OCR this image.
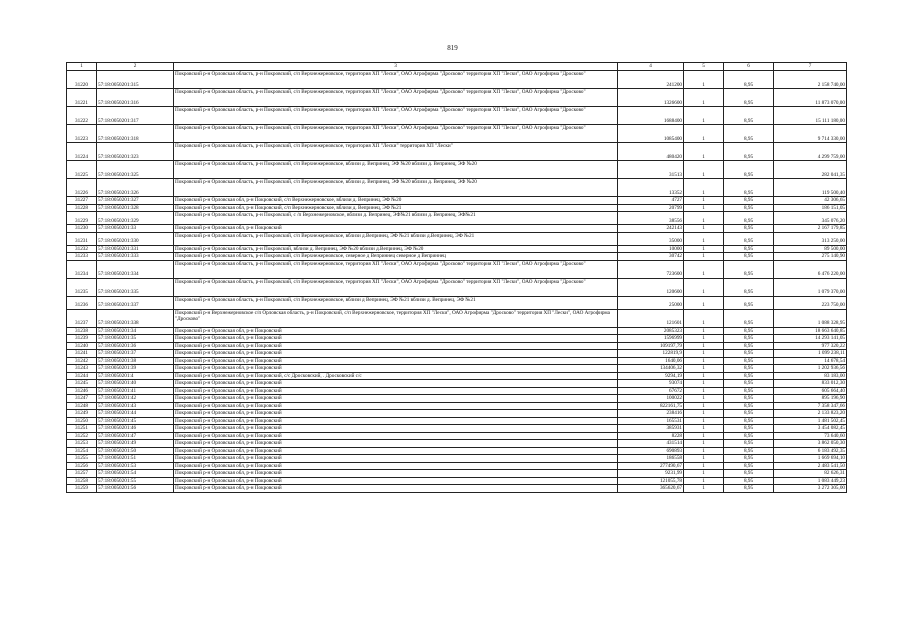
819
1	2	3	4	5	6	7
31220	57:18:0050201:315	Покровский р-н Орловская область, р-н Покровский, с/п Верхнежерновское, территория ХП "Лески", ОАО Агрофирма "Дросково" территория ХП "Лески", ОАО Агрофирма "Дросково"	241200	1	8,95	2 158 740,00
31221	57:18:0050201:316	Покровский р-н Орловская область, р-н Покровский, с/п Верхнежерновское, территория ХП "Лески", ОАО Агрофирма "Дросково" территория ХП "Лески", ОАО Агрофирма "Дросково"	1326600	1	8,95	11 873 070,00
31222	57:18:0050201:317	Покровский р-н Орловская область, р-н Покровский, с/п Верхнежерновское, территория ХП "Лески", ОАО Агрофирма "Дросково" территория ХП "Лески", ОАО Агрофирма "Дросково"	1688400	1	8,95	15 111 180,00
31223	57:18:0050201:318	Покровский р-н Орловская область, р-н Покровский, с/п Верхнежерновское, территория ХП "Лески", ОАО Агрофирма "Дросково" территория ХП "Лески", ОАО Агрофирма "Дросково"	1085400	1	8,95	9 714 330,00
31224	57:18:0050201:323	Покровский р-н Орловская область, р-н Покровский, с/п Верхнежерновское, территория ХП "Лески" территория ХП "Лески"	480420	1	8,95	4 299 759,00
31225	57:18:0050201:325	Покровский р-н Орловская область, р-н Покровский, с/п Верхнежерновское, вблизи д. Вепринец, ЭФ №20 вблизи д. Вепринец, ЭФ №20	31513	1	8,95	282 041,35
31226	57:18:0050201:326	Покровский р-н Орловская область, р-н Покровский, с/п Верхнежерновское, вблизи д. Вепринец, ЭФ №20 вблизи д. Вепринец, ЭФ №20	13352	1	8,95	119 500,40
31227	57:18:0050201:327	Покровский р-н Орловская обл, р-н Покровский, с/п Верхнежерновское, вблизи д. Вепринец, ЭФ №20	4727	1	8,95	42 306,65
31228	57:18:0050201:328	Покровский р-н Орловская обл, р-н Покровский, с/п Верхнежерновское, вблизи д. Вепринец, ЭФ №21	20799	1	8,95	186 151,05
31229	57:18:0050201:329	Покровский р-н Орловская область, р-н Покровский, с /п Верхнежерновское, вблизи д. Вепринец, ЭФ№21 вблизи д. Вепринец, ЭФ№21	38556	1	8,95	345 076,20
31230	57:18:0050201:33	Покровский р-н Орловская обл, р-н Покровский	242143	1	8,95	2 167 179,85
31231	57:18:0050201:330	Покровский р-н Орловская область, р-н Покровский, с/п Верхнежерновское, вблизи д.Вепринец, ЭФ №21 вблизи д.Вепринец, ЭФ №21	35000	1	8,95	313 250,00
31232	57:18:0050201:331	Покровский р-н Орловская область, р-н Покровский, вблизи д. Вепринец, ЭФ №20 вблизи д.Вепринец, ЭФ №20	10000	1	8,95	89 500,00
31233	57:18:0050201:333	Покровский р-н Орловская область, р-н Покровский, с/п Верхнежерновское, северное д Веприннец северное д Веприннец	30742	1	8,95	275 140,90
31234	57:18:0050201:334	Покровский р-н Орловская область, р-н Покровский, с/п Верхнежерновское, территория ХП "Лески", ОАО Агрофирма "Дросково" территория ХП "Лески", ОАО Агрофирма "Дросково"	723600	1	8,95	6 476 220,00
31235	57:18:0050201:335	Покровский р-н Орловская область, р-н Покровский, с/п Верхнежерновское, территория ХП "Лески", ОАО Агрофирма "Дросково" территория ХП "Лески", ОАО Агрофирма "Дросково"	120600	1	8,95	1 079 370,00
31236	57:18:0050201:337	Покровский р-н Орловская область, р-н Покровский, с/п Верхнежерновское, вблизи д Вепринец, ЭФ №21 вблизи д. Вепринец, ЭФ №21	25000	1	8,95	223 750,00
31237	57:18:0050201:338	Покровский р-н Верхнежерновское с/п Орловская область, р-н Покровский, с/п Верхнежерновское, территория ХП "Лески", ОАО Агрофирма "Дросково" территория ХП "Лески", ОАО Агрофирма "Дросково"	121601	1	8,95	1 088 328,95
31238	57:18:0050201:34	Покровский р-н Орловская обл, р-н Покровский	2085323	1	8,95	18 663 640,85
31239	57:18:0050201:35	Покровский р-н Орловская обл, р-н Покровский	1596999	1	8,95	14 293 141,05
31240	57:18:0050201:36	Покровский р-н Орловская обл, р-н Покровский	109197,79	1	8,95	977 320,22
31241	57:18:0050201:37	Покровский р-н Орловская обл, р-н Покровский	122819,9	1	8,95	1 099 238,11
31242	57:18:0050201:38	Покровский р-н Орловская обл, р-н Покровский	1640,06	1	8,95	14 678,54
31243	57:18:0050201:39	Покровский р-н Орловская обл, р-н Покровский	134406,32	1	8,95	1 202 936,56
31244	57:18:0050201:4	Покровский р-н Орловская обл, р-н Покровский, с/с Дросковский, . Дросковский с/с	9294,19	1	8,95	83 183,00
31245	57:18:0050201:40	Покровский р-н Орловская обл, р-н Покровский	93074	1	8,95	833 012,30
31246	57:18:0050201:41	Покровский р-н Орловская обл, р-н Покровский	67672	1	8,95	605 664,40
31247	57:18:0050201:42	Покровский р-н Орловская обл, р-н Покровский	100022	1	8,95	895 196,90
31248	57:18:0050201:43	Покровский р-н Орловская обл, р-н Покровский	822161,75	1	8,95	7 358 347,66
31249	57:18:0050201:44	Покровский р-н Орловская обл, р-н Покровский	238416	1	8,95	2 133 823,20
31250	57:18:0050201:45	Покровский р-н Орловская обл, р-н Покровский	165531	1	8,95	1 481 502,45
31251	57:18:0050201:46	Покровский р-н Орловская обл, р-н Покровский	385931	1	8,95	3 454 082,45
31252	57:18:0050201:47	Покровский р-н Орловская обл, р-н Покровский	8228	1	8,95	73 640,60
31253	57:18:0050201:49	Покровский р-н Орловская обл, р-н Покровский	431514	1	8,95	3 862 050,30
31254	57:18:0050201:50	Покровский р-н Орловская обл, р-н Покровский	690893	1	8,95	6 183 492,35
31255	57:18:0050201:51	Покровский р-н Орловская обл, р-н Покровский	186558	1	8,95	1 669 694,10
31256	57:18:0050201:53	Покровский р-н Орловская обл, р-н Покровский	277490,67	1	8,95	2 483 541,50
31257	57:18:0050201:54	Покровский р-н Орловская обл, р-н Покровский	9231,99	1	8,95	82 626,31
31258	57:18:0050201:55	Покровский р-н Орловская обл, р-н Покровский	121055,78	1	8,95	1 083 449,23
31259	57:18:0050201:56	Покровский р-н Орловская обл, р-н Покровский	365620,67	1	8,95	3 272 305,00
